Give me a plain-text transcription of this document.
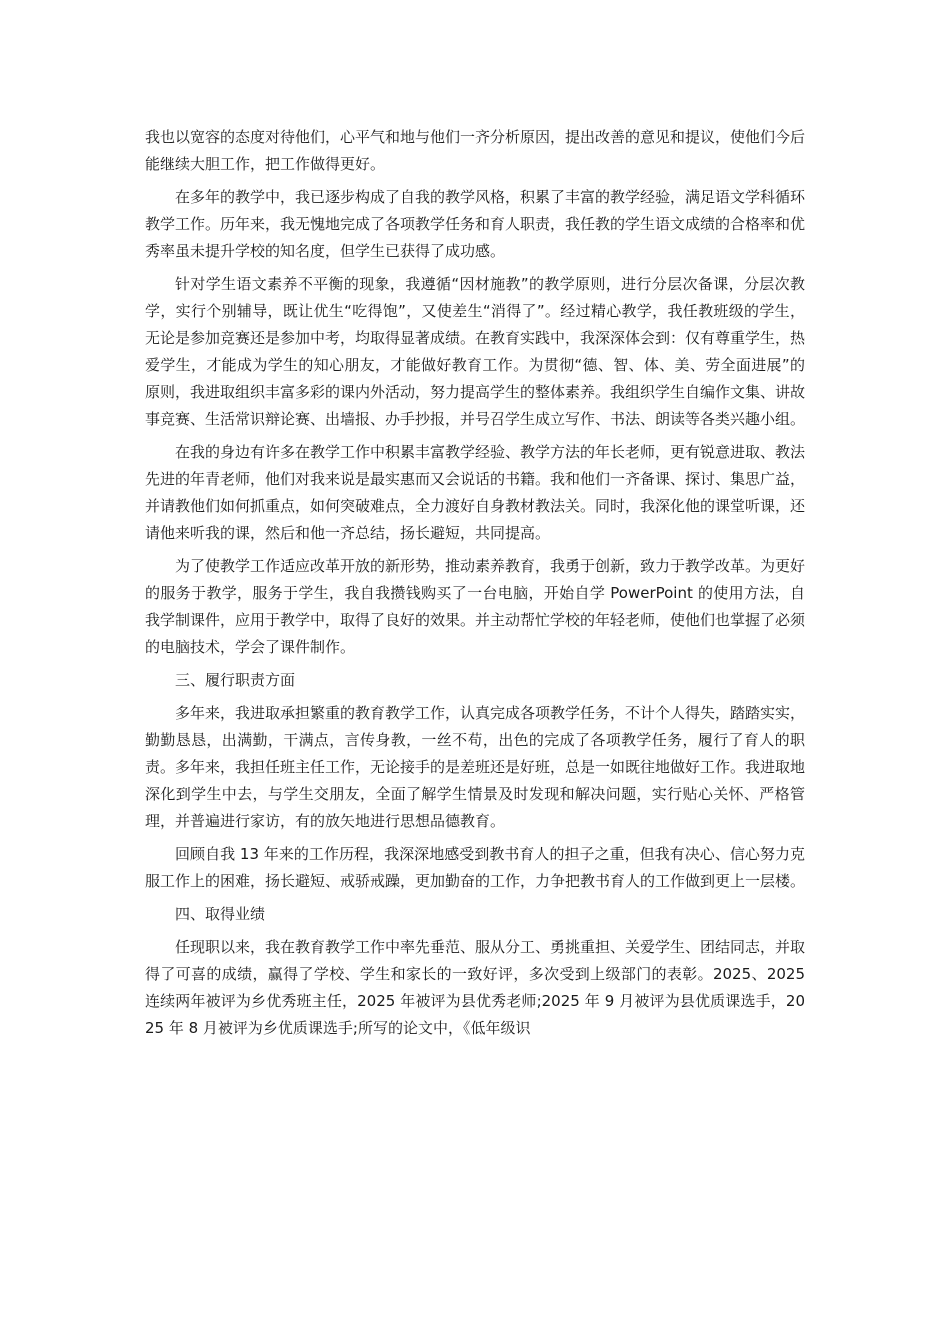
我也以宽容的态度对待他们，心平气和地与他们一齐分析原因，提出改善的意见和提议，使他们今后能继续大胆工作，把工作做得更好。

在多年的教学中，我已逐步构成了自我的教学风格，积累了丰富的教学经验，满足语文学科循环教学工作。历年来，我无愧地完成了各项教学任务和育人职责，我任教的学生语文成绩的合格率和优秀率虽未提升学校的知名度，但学生已获得了成功感。

针对学生语文素养不平衡的现象，我遵循“因材施教”的教学原则，进行分层次备课，分层次教学，实行个别辅导，既让优生“吃得饱”，又使差生“消得了”。经过精心教学，我任教班级的学生，无论是参加竞赛还是参加中考，均取得显著成绩。在教育实践中，我深深体会到：仅有尊重学生，热爱学生，才能成为学生的知心朋友，才能做好教育工作。为贯彻“德、智、体、美、劳全面进展”的原则，我进取组织丰富多彩的课内外活动，努力提高学生的整体素养。我组织学生自编作文集、讲故事竞赛、生活常识辩论赛、出墙报、办手抄报，并号召学生成立写作、书法、朗读等各类兴趣小组。

在我的身边有许多在教学工作中积累丰富教学经验、教学方法的年长老师，更有锐意进取、教法先进的年青老师，他们对我来说是最实惠而又会说话的书籍。我和他们一齐备课、探讨、集思广益，并请教他们如何抓重点，如何突破难点，全力渡好自身教材教法关。同时，我深化他的课堂听课，还请他来听我的课，然后和他一齐总结，扬长避短，共同提高。

为了使教学工作适应改革开放的新形势，推动素养教育，我勇于创新，致力于教学改革。为更好的服务于教学，服务于学生，我自我攒钱购买了一台电脑，开始自学 PowerPoint 的使用方法，自我学制课件，应用于教学中，取得了良好的效果。并主动帮忙学校的年轻老师，使他们也掌握了必须的电脑技术，学会了课件制作。

三、履行职责方面

多年来，我进取承担繁重的教育教学工作，认真完成各项教学任务，不计个人得失，踏踏实实，勤勤恳恳，出满勤，干满点，言传身教，一丝不苟，出色的完成了各项教学任务，履行了育人的职责。多年来，我担任班主任工作，无论接手的是差班还是好班，总是一如既往地做好工作。我进取地深化到学生中去，与学生交朋友，全面了解学生情景及时发现和解决问题，实行贴心关怀、严格管理，并普遍进行家访，有的放矢地进行思想品德教育。

回顾自我 13 年来的工作历程，我深深地感受到教书育人的担子之重，但我有决心、信心努力克服工作上的困难，扬长避短、戒骄戒躁，更加勤奋的工作，力争把教书育人的工作做到更上一层楼。

四、取得业绩

任现职以来，我在教育教学工作中率先垂范、服从分工、勇挑重担、关爱学生、团结同志，并取得了可喜的成绩，赢得了学校、学生和家长的一致好评，多次受到上级部门的表彰。2025、2025 连续两年被评为乡优秀班主任，2025 年被评为县优秀老师;2025 年 9 月被评为县优质课选手，2025 年 8 月被评为乡优质课选手;所写的论文中，《低年级识
